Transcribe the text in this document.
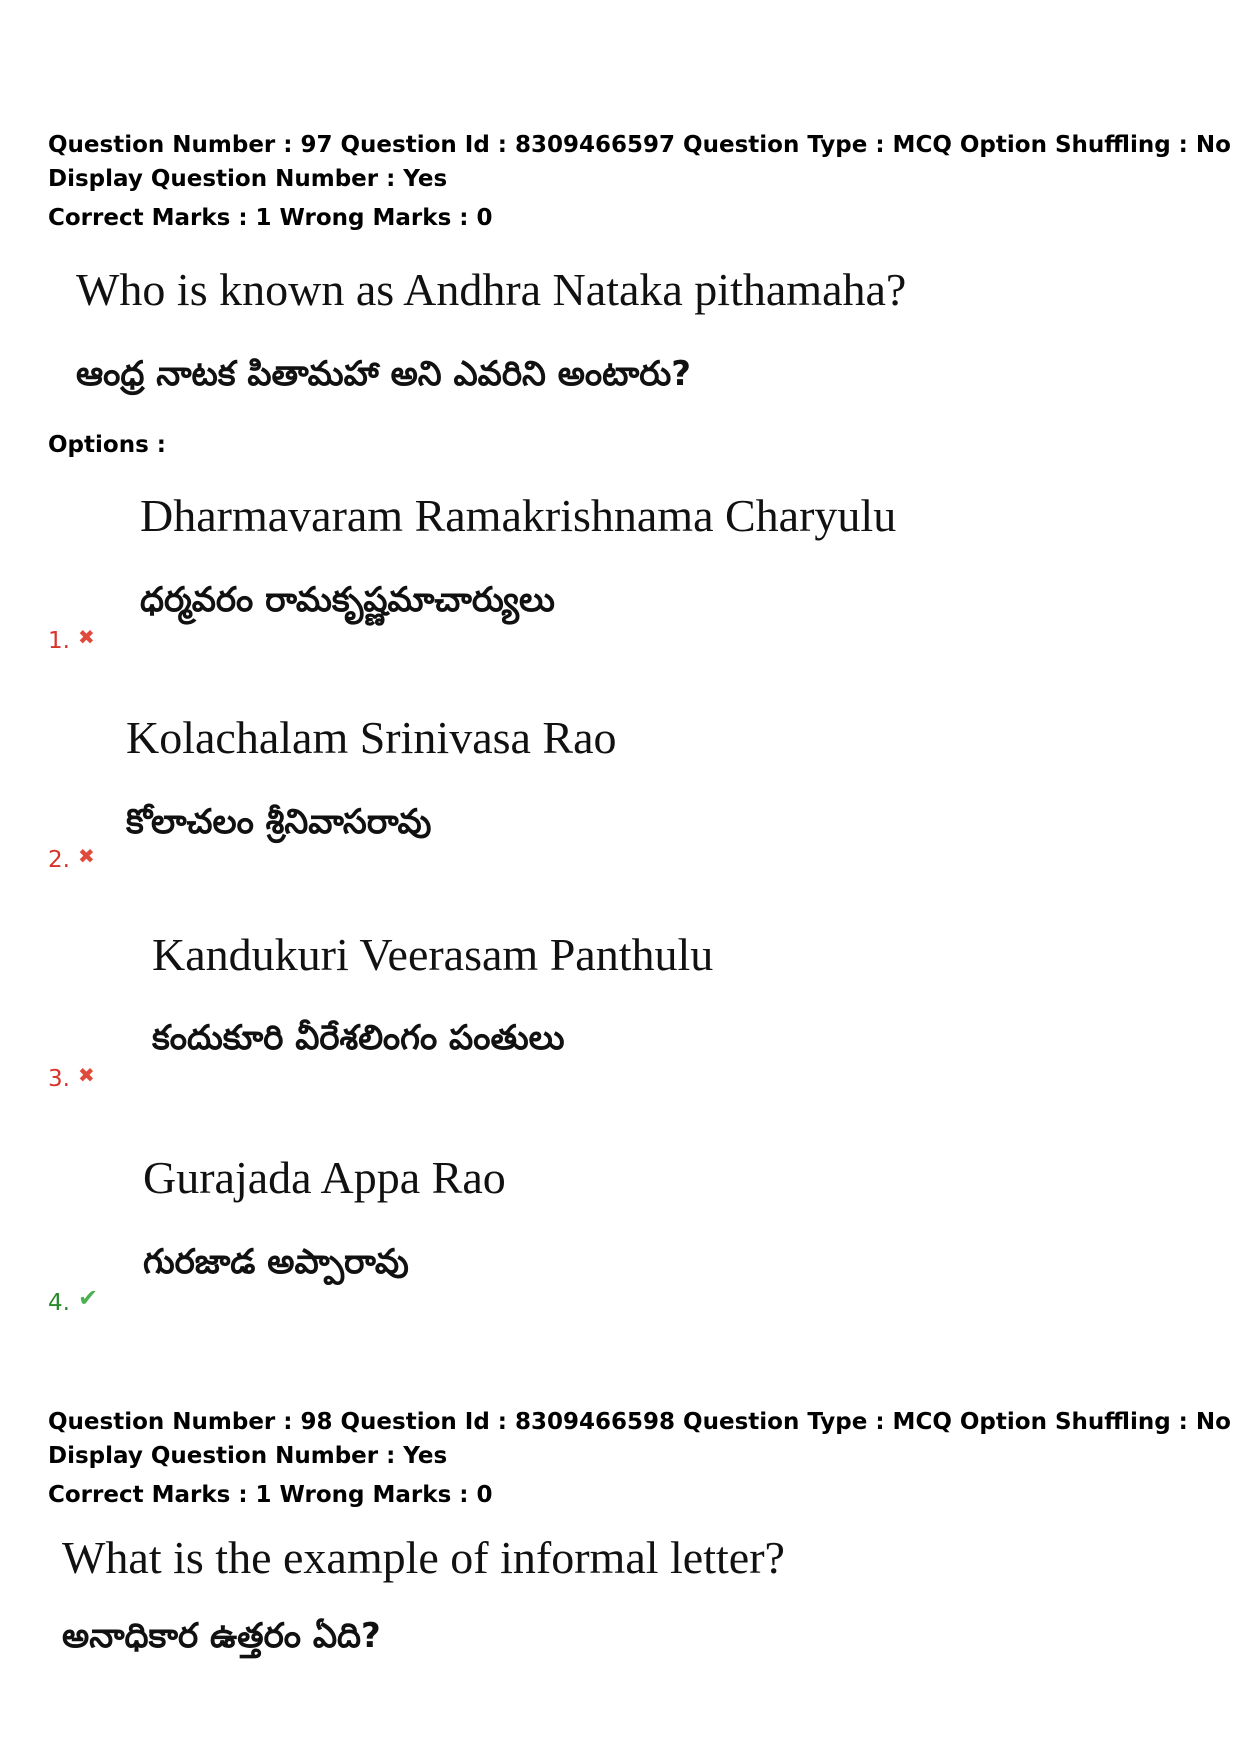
Question Number : 97 Question Id : 8309466597 Question Type : MCQ Option Shuffling : No
Display Question Number : Yes
Correct Marks : 1 Wrong Marks : 0
Who is known as Andhra Nataka pithamaha?
ఆంధ్ర నాటక పితామహా అని ఎవరిని అంటారు?
Options :
Dharmavaram Ramakrishnama Charyulu
ధర్మవరం రామకృష్ణమాచార్యులు
1. ✖
Kolachalam Srinivasa Rao
కోలాచలం శ్రీనివాసరావు
2. ✖
Kandukuri Veerasam Panthulu
కందుకూరి వీరేశలింగం పంతులు
3. ✖
Gurajada Appa Rao
గురజాడ అప్పారావు
4. ✔
Question Number : 98 Question Id : 8309466598 Question Type : MCQ Option Shuffling : No
Display Question Number : Yes
Correct Marks : 1 Wrong Marks : 0
What is the example of informal letter?
అనాధికార ఉత్తరం ఏది?
